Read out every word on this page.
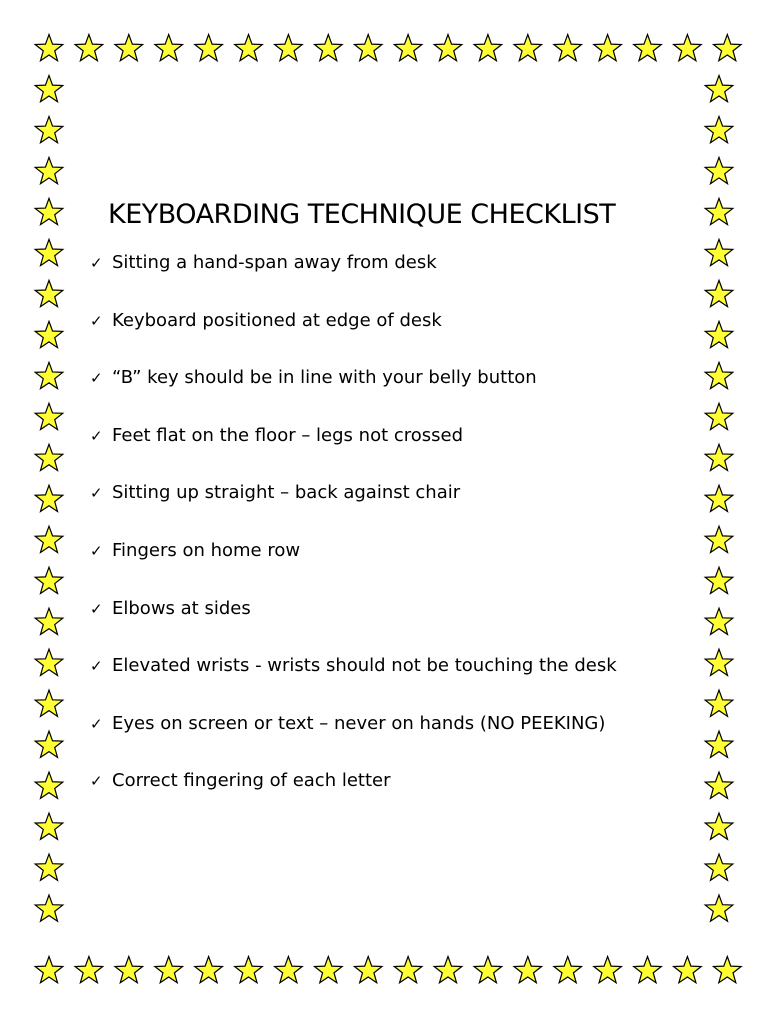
KEYBOARDING TECHNIQUE CHECKLIST
✓ Sitting a hand-span away from desk
✓ Keyboard positioned at edge of desk
✓ “B” key should be in line with your belly button
✓ Feet flat on the floor – legs not crossed
✓ Sitting up straight – back against chair
✓ Fingers on home row
✓ Elbows at sides
✓ Elevated wrists - wrists should not be touching the desk
✓ Eyes on screen or text – never on hands (NO PEEKING)
✓ Correct fingering of each letter
